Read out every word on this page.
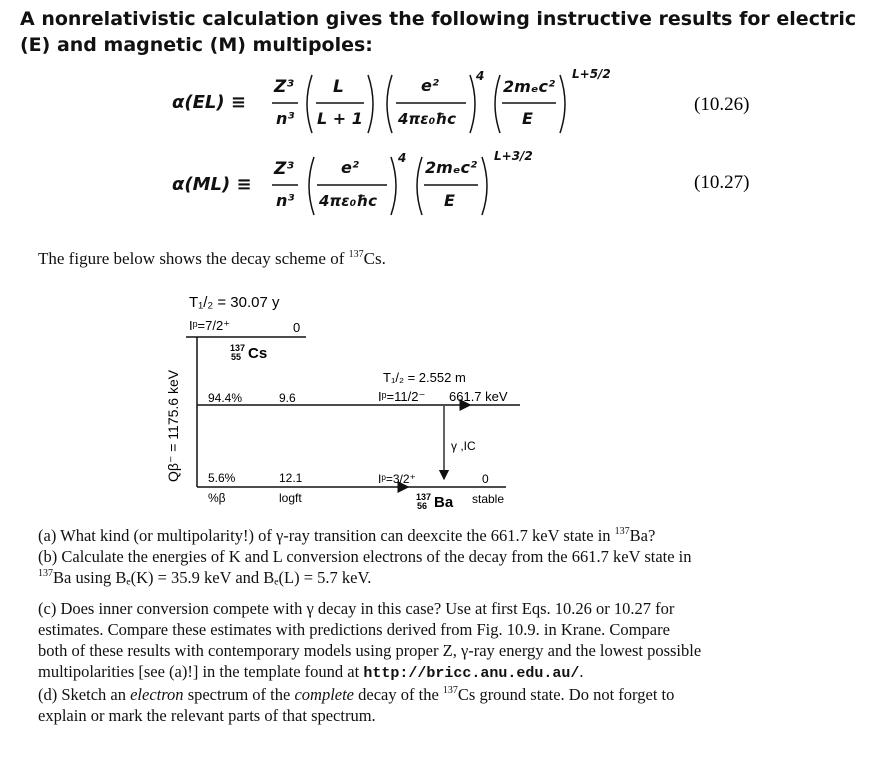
A nonrelativistic calculation gives the following instructive results for electric
(E) and magnetic (M) multipoles:
α(EL) ≡
Z³
n³
L
L + 1
e²
4πε₀ħc
4
2mₑc²
E
L+5/2
α(ML) ≡
Z³
n³
e²
4πε₀ħc
4 2mₑc²
E
L+3/2
(10.26)
(10.27)
The figure below shows the decay scheme of $^{137}$Cs.
T₁/₂ = 30.07 y
Iᵖ=7/2⁺	0
137
55 Cs
Qβ⁻ = 1175.6 keV 94.4%	9.6
T₁/₂ = 2.552 m
Iᵖ=11/2⁻ 661.7 keV
γ ,IC
5.6%	12.1	Iᵖ=3/2⁺	0
%β	logft	137
56 Ba stable
(a) What kind (or multipolarity!) of γ-ray transition can deexcite the 661.7 keV state in $^{137}$Ba?
(b) Calculate the energies of K and L conversion electrons of the decay from the 661.7 keV state in
$^{137}$Ba using Bₑ(K) = 35.9 keV and Bₑ(L) = 5.7 keV.
(c) Does inner conversion compete with γ decay in this case? Use at first Eqs. 10.26 or 10.27 for
estimates. Compare these estimates with predictions derived from Fig. 10.9. in Krane. Compare
both of these results with contemporary models using proper Z, γ-ray energy and the lowest possible
multipolarities [see (a)!] in the template found at http://bricc.anu.edu.au/.
(d) Sketch an electron spectrum of the complete decay of the $^{137}$Cs ground state. Do not forget to
explain or mark the relevant parts of that spectrum.
